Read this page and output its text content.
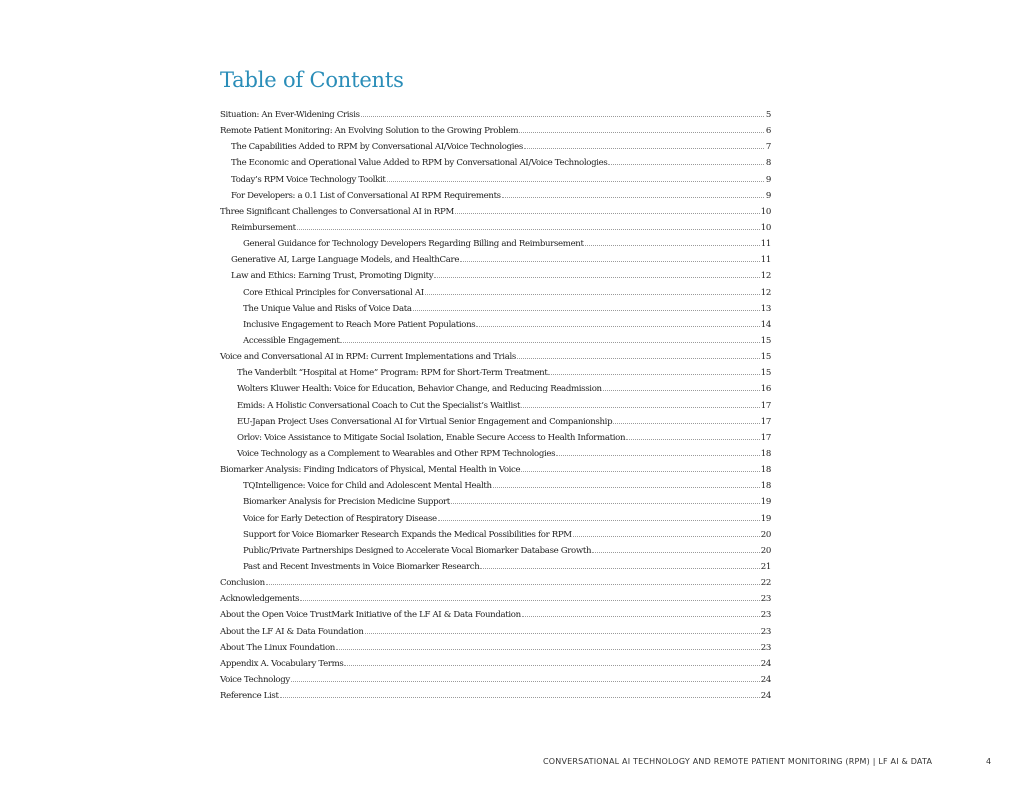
Table of Contents
Situation: An Ever-Widening Crisis	5
Remote Patient Monitoring: An Evolving Solution to the Growing Problem	6
The Capabilities Added to RPM by Conversational AI/Voice Technologies	7
The Economic and Operational Value Added to RPM by Conversational AI/Voice Technologies	8
Today’s RPM Voice Technology Toolkit	9
For Developers: a 0.1 List of Conversational AI RPM Requirements	9
Three Significant Challenges to Conversational AI in RPM	10
Reimbursement	10
General Guidance for Technology Developers Regarding Billing and Reimbursement	11
Generative AI, Large Language Models, and HealthCare	11
Law and Ethics: Earning Trust, Promoting Dignity	12
Core Ethical Principles for Conversational AI	12
The Unique Value and Risks of Voice Data	13
Inclusive Engagement to Reach More Patient Populations	14
Accessible Engagement	15
Voice and Conversational AI in RPM: Current Implementations and Trials	15
The Vanderbilt “Hospital at Home” Program: RPM for Short-Term Treatment	15
Wolters Kluwer Health: Voice for Education, Behavior Change, and Reducing Readmission	16
Emids: A Holistic Conversational Coach to Cut the Specialist’s Waitlist	17
EU-Japan Project Uses Conversational AI for Virtual Senior Engagement and Companionship	17
Orlov: Voice Assistance to Mitigate Social Isolation, Enable Secure Access to Health Information	17
Voice Technology as a Complement to Wearables and Other RPM Technologies	18
Biomarker Analysis: Finding Indicators of Physical, Mental Health in Voice	18
TQIntelligence: Voice for Child and Adolescent Mental Health	18
Biomarker Analysis for Precision Medicine Support	19
Voice for Early Detection of Respiratory Disease	19
Support for Voice Biomarker Research Expands the Medical Possibilities for RPM	20
Public/Private Partnerships Designed to Accelerate Vocal Biomarker Database Growth	20
Past and Recent Investments in Voice Biomarker Research	21
Conclusion	22
Acknowledgements	23
About the Open Voice TrustMark Initiative of the LF AI & Data Foundation	23
About the LF AI & Data Foundation	23
About The Linux Foundation	23
Appendix A. Vocabulary Terms	24
Voice Technology	24
Reference List	24
CONVERSATIONAL AI TECHNOLOGY AND REMOTE PATIENT MONITORING (RPM) | LF AI & DATA	4
